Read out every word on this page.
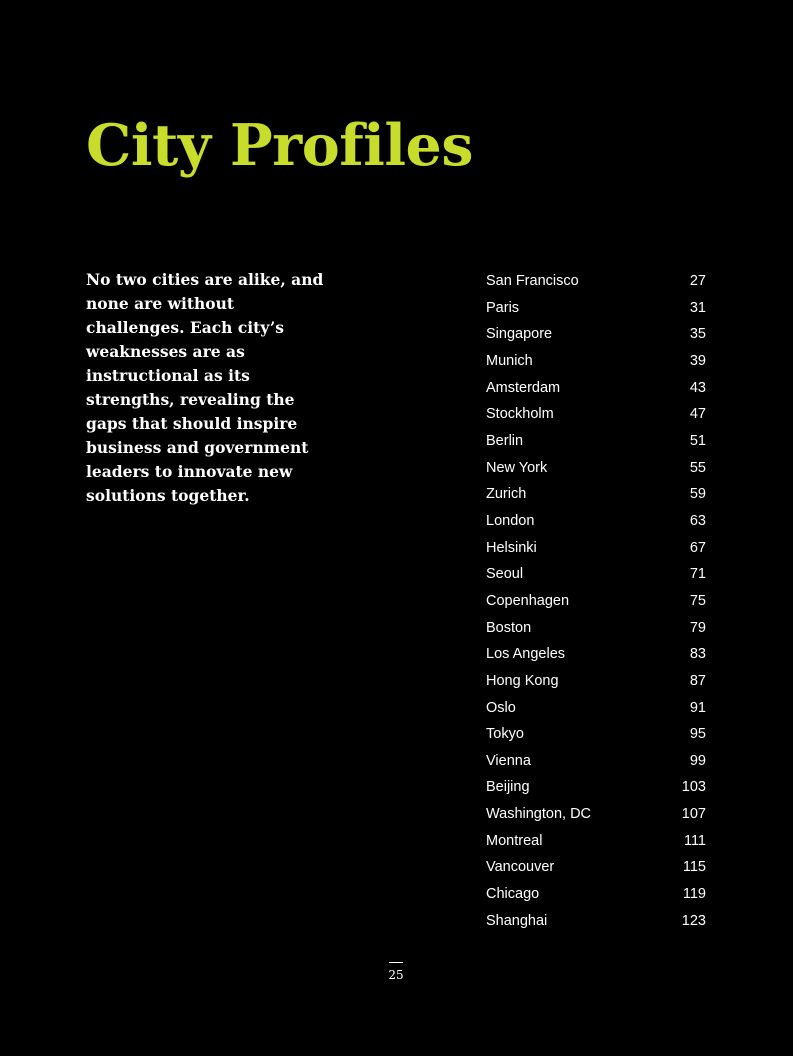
City Profiles

No two cities are alike, and none are without challenges. Each city’s weaknesses are as instructional as its strengths, revealing the gaps that should inspire business and government leaders to innovate new solutions together.

San Francisco	27
Paris	31
Singapore	35
Munich	39
Amsterdam	43
Stockholm	47
Berlin	51
New York	55
Zurich	59
London	63
Helsinki	67
Seoul	71
Copenhagen	75
Boston	79
Los Angeles	83
Hong Kong	87
Oslo	91
Tokyo	95
Vienna	99
Beijing	103
Washington, DC	107
Montreal	111
Vancouver	115
Chicago	119
Shanghai	123
25
